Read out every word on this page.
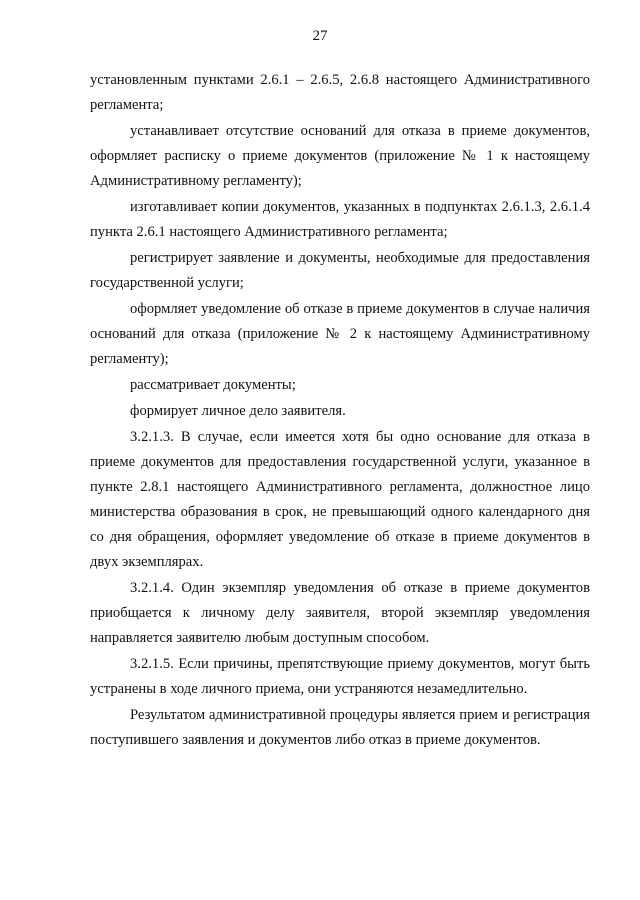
27

установленным пунктами 2.6.1 – 2.6.5, 2.6.8 настоящего Административного регламента;

устанавливает отсутствие оснований для отказа в приеме документов, оформляет расписку о приеме документов (приложение № 1 к настоящему Административному регламенту);

изготавливает копии документов, указанных в подпунктах 2.6.1.3, 2.6.1.4 пункта 2.6.1 настоящего Административного регламента;

регистрирует заявление и документы, необходимые для предоставления государственной услуги;

оформляет уведомление об отказе в приеме документов в случае наличия оснований для отказа (приложение № 2 к настоящему Административному регламенту);

рассматривает документы;

формирует личное дело заявителя.

3.2.1.3. В случае, если имеется хотя бы одно основание для отказа в приеме документов для предоставления государственной услуги, указанное в пункте 2.8.1 настоящего Административного регламента, должностное лицо министерства образования в срок, не превышающий одного календарного дня со дня обращения, оформляет уведомление об отказе в приеме документов в двух экземплярах.

3.2.1.4. Один экземпляр уведомления об отказе в приеме документов приобщается к личному делу заявителя, второй экземпляр уведомления направляется заявителю любым доступным способом.

3.2.1.5. Если причины, препятствующие приему документов, могут быть устранены в ходе личного приема, они устраняются незамедлительно.

Результатом административной процедуры является прием и регистрация поступившего заявления и документов либо отказ в приеме документов.
